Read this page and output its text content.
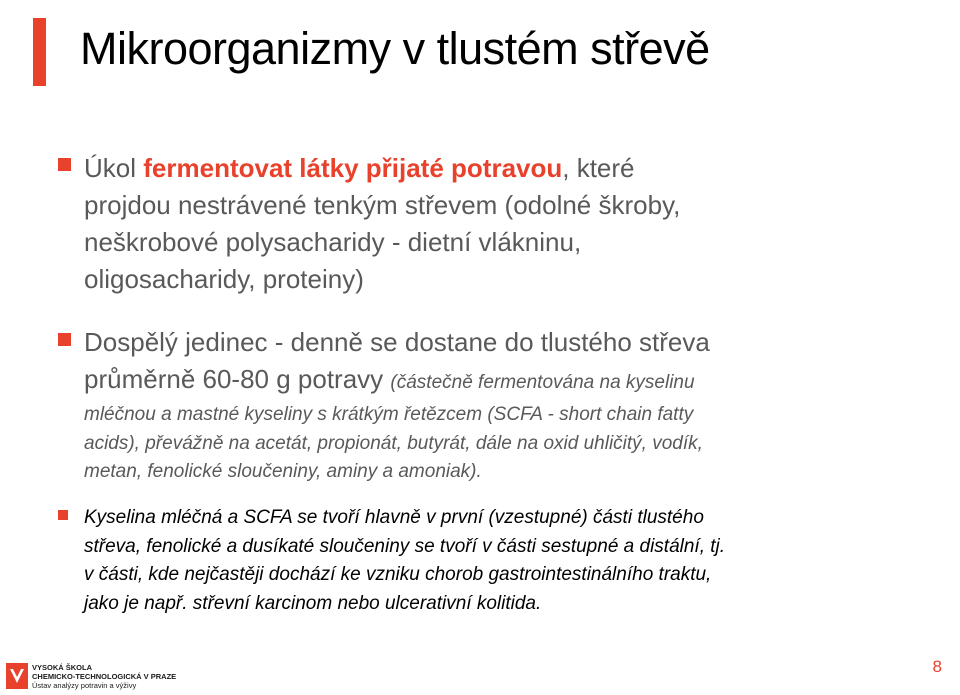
Mikroorganizmy v tlustém střevě
Úkol fermentovat látky přijaté potravou, které
projdou nestrávené tenkým střevem (odolné škroby,
neškrobové polysacharidy - dietní vlákninu,
oligosacharidy, proteiny)
Dospělý jedinec - denně se dostane do tlustého střeva
průměrně 60-80 g potravy (částečně fermentována na kyselinu
mléčnou a mastné kyseliny s krátkým řetězcem (SCFA - short chain fatty
acids), převážně na acetát, propionát, butyrát, dále na oxid uhličitý, vodík,
metan, fenolické sloučeniny, aminy a amoniak).
Kyselina mléčná a SCFA se tvoří hlavně v první (vzestupné) části tlustého
střeva, fenolické a dusíkaté sloučeniny se tvoří v části sestupné a distální, tj.
v části, kde nejčastěji dochází ke vzniku chorob gastrointestinálního traktu,
jako je např. střevní karcinom nebo ulcerativní kolitida.
VYSOKÁ ŠKOLA
CHEMICKO-TECHNOLOGICKÁ V PRAZE
Ústav analýzy potravin a výživy
8
